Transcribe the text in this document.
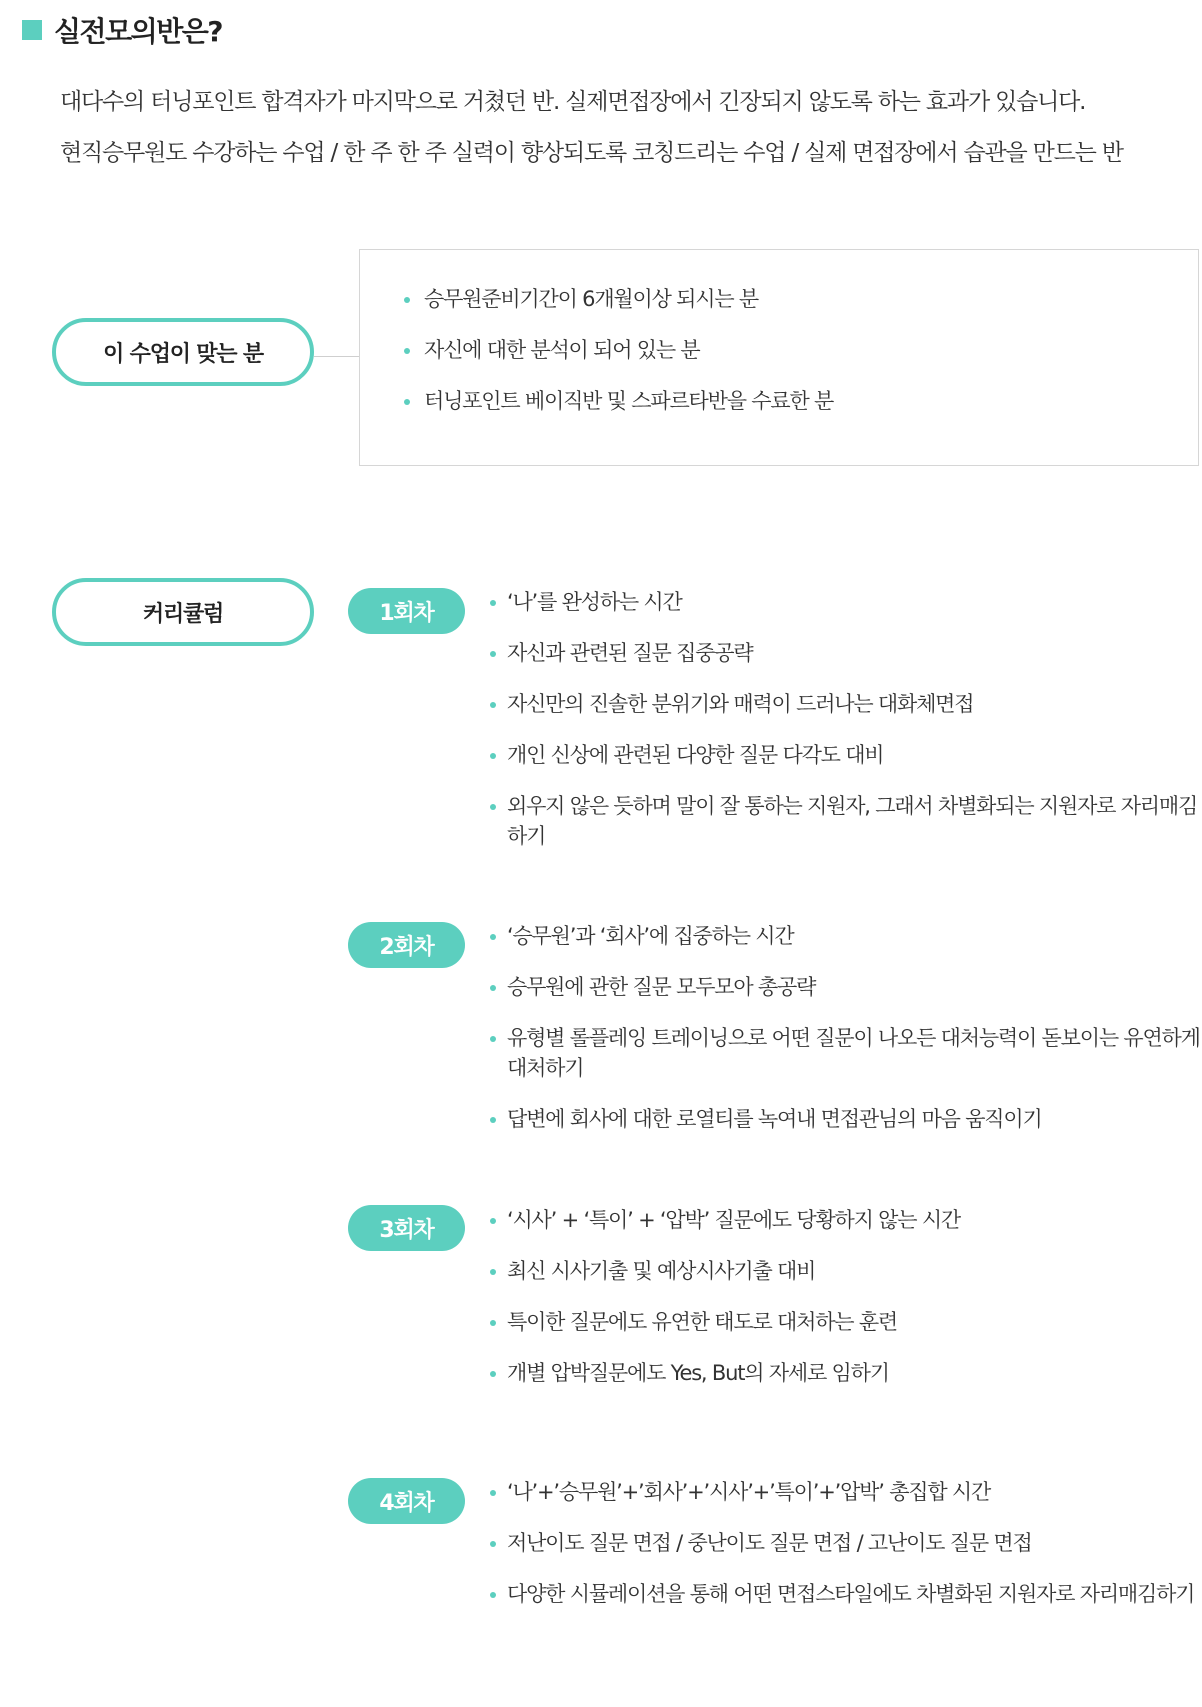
실전모의반은?
대다수의 터닝포인트 합격자가 마지막으로 거쳤던 반. 실제면접장에서 긴장되지 않도록 하는 효과가 있습니다.
현직승무원도 수강하는 수업 / 한 주 한 주 실력이 향상되도록 코칭드리는 수업 / 실제 면접장에서 습관을 만드는 반
이 수업이 맞는 분
승무원준비기간이 6개월이상 되시는 분
자신에 대한 분석이 되어 있는 분
터닝포인트 베이직반 및 스파르타반을 수료한 분
커리큘럼	1회차	‘나’를 완성하는 시간
자신과 관련된 질문 집중공략
자신만의 진솔한 분위기와 매력이 드러나는 대화체면접
개인 신상에 관련된 다양한 질문 다각도 대비
외우지 않은 듯하며 말이 잘 통하는 지원자, 그래서 차별화되는 지원자로 자리매김하기
2회차	‘승무원’과 ‘회사’에 집중하는 시간
승무원에 관한 질문 모두모아 총공략
유형별 롤플레잉 트레이닝으로 어떤 질문이 나오든 대처능력이 돋보이는 유연하게 대처하기
답변에 회사에 대한 로열티를 녹여내 면접관님의 마음 움직이기
3회차	‘시사’ + ‘특이’ + ‘압박’ 질문에도 당황하지 않는 시간
최신 시사기출 및 예상시사기출 대비
특이한 질문에도 유연한 태도로 대처하는 훈련
개별 압박질문에도 Yes, But의 자세로 임하기
4회차	‘나’+’승무원’+’회사’+’시사’+’특이’+’압박’ 총집합 시간
저난이도 질문 면접 / 중난이도 질문 면접 / 고난이도 질문 면접
다양한 시뮬레이션을 통해 어떤 면접스타일에도 차별화된 지원자로 자리매김하기
